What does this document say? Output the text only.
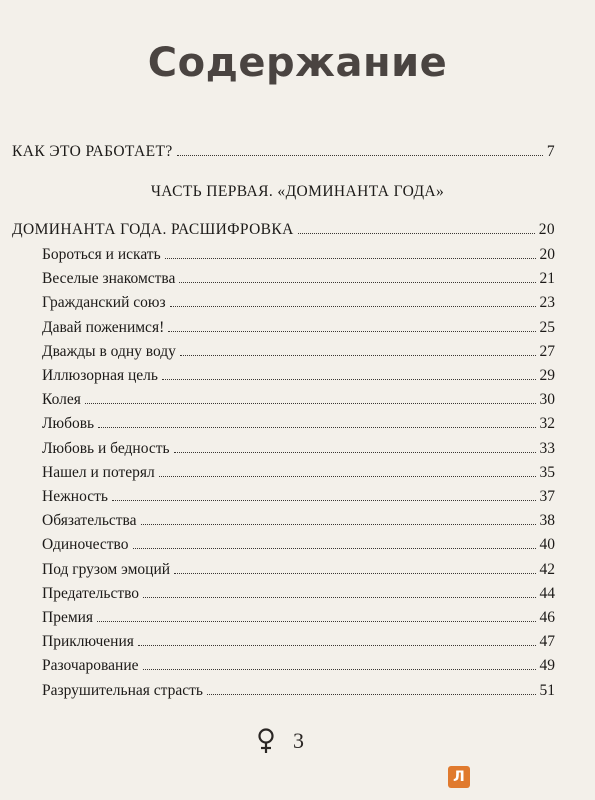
Содержание
КАК ЭТО РАБОТАЕТ?	7
ЧАСТЬ ПЕРВАЯ. «ДОМИНАНТА ГОДА»
ДОМИНАНТА ГОДА. РАСШИФРОВКА	20
Бороться и искать	20
Веселые знакомства	21
Гражданский союз	23
Давай поженимся!	25
Дважды в одну воду	27
Иллюзорная цель	29
Колея	30
Любовь	32
Любовь и бедность	33
Нашел и потерял	35
Нежность	37
Обязательства	38
Одиночество	40
Под грузом эмоций	42
Предательство	44
Премия	46
Приключения	47
Разочарование	49
Разрушительная страсть	51
3
Л
